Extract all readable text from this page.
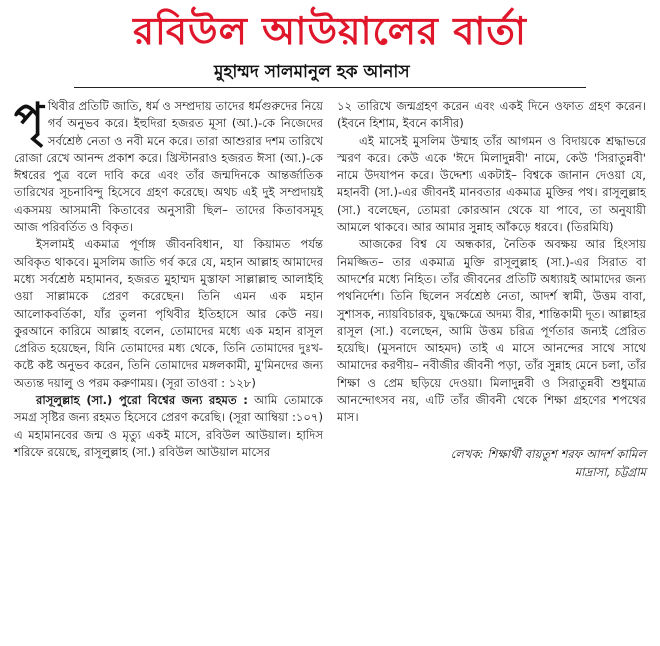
রবিউল আউয়ালের বার্তা
মুহাম্মদ সালমানুল হক আনাস

পৃথিবীর প্রতিটি জাতি, ধর্ম ও সম্প্রদায় তাদের ধর্মগুরুদের নিয়ে গর্ব অনুভব করে। ইহুদিরা হজরত মূসা (আ.)-কে নিজেদের সর্বশ্রেষ্ঠ নেতা ও নবী মনে করে। তারা আশুরার দশম তারিখে রোজা রেখে আনন্দ প্রকাশ করে। খ্রিস্টানরাও হজরত ঈসা (আ.)-কে ঈশ্বরের পুত্র বলে দাবি করে এবং তাঁর জন্মদিনকে আন্তর্জাতিক তারিখের সূচনাবিন্দু হিসেবে গ্রহণ করেছে। অথচ এই দুই সম্প্রদায়ই একসময় আসমানী কিতাবের অনুসারী ছিল– তাদের কিতাবসমূহ আজ পরিবর্তিত ও বিকৃত।

ইসলামই একমাত্র পূর্ণাঙ্গ জীবনবিধান, যা কিয়ামত পর্যন্ত অবিকৃত থাকবে। মুসলিম জাতি গর্ব করে যে, মহান আল্লাহ আমাদের মধ্যে সর্বশ্রেষ্ঠ মহামানব, হজরত মুহাম্মদ মুস্তাফা সাল্লাল্লাহু আলাইহি ওয়া সাল্লামকে প্রেরণ করেছেন। তিনি এমন এক মহান আলোকবর্তিকা, যাঁর তুলনা পৃথিবীর ইতিহাসে আর কেউ নয়। কুরআনে কারিমে আল্লাহ বলেন, তোমাদের মধ্যে এক মহান রাসূল প্রেরিত হয়েছেন, যিনি তোমাদের মধ্য থেকে, তিনি তোমাদের দুঃখ-কষ্টে কষ্ট অনুভব করেন, তিনি তোমাদের মঙ্গলকামী, মু'মিনদের জন্য অত্যন্ত দয়ালু ও পরম করুণাময়। (সূরা তাওবা : ১২৮)

রাসূলুল্লাহ (সা.) পুরো বিশ্বের জন্য রহমত : আমি তোমাকে সমগ্র সৃষ্টির জন্য রহমত হিসেবে প্রেরণ করেছি। (সূরা আম্বিয়া :১০৭) এ মহামানবের জন্ম ও মৃত্যু একই মাসে, রবিউল আউয়াল। হাদিস শরিফে রয়েছে, রাসূলুল্লাহ (সা.) রবিউল আউয়াল মাসের

১২ তারিখে জন্মগ্রহণ করেন এবং একই দিনে ওফাত গ্রহণ করেন। (ইবনে হিশাম, ইবনে কাসীর)

এই মাসেই মুসলিম উম্মাহ তাঁর আগমন ও বিদায়কে শ্রদ্ধাভরে স্মরণ করে। কেউ একে 'ঈদে মিলাদুন্নবী' নামে, কেউ 'সিরাতুন্নবী' নামে উদযাপন করে। উদ্দেশ্য একটাই– বিশ্বকে জানান দেওয়া যে, মহানবী (সা.)-এর জীবনই মানবতার একমাত্র মুক্তির পথ। রাসূলুল্লাহ (সা.) বলেছেন, তোমরা কোরআন থেকে যা পাবে, তা অনুযায়ী আমলে থাকবে। আর আমার সুন্নাহ আঁকড়ে ধরবে। (তিরমিযি)

আজকের বিশ্ব যে অন্ধকার, নৈতিক অবক্ষয় আর হিংসায় নিমজ্জিত– তার একমাত্র মুক্তি রাসূলুল্লাহ (সা.)-এর সিরাত বা আদর্শের মধ্যে নিহিত। তাঁর জীবনের প্রতিটি অধ্যায়ই আমাদের জন্য পথনির্দেশ। তিনি ছিলেন সর্বশ্রেষ্ঠ নেতা, আদর্শ স্বামী, উত্তম বাবা, সুশাসক, ন্যায়বিচারক, যুদ্ধক্ষেত্রে অদম্য বীর, শান্তিকামী দূত। আল্লাহর রাসূল (সা.) বলেছেন, আমি উত্তম চরিত্র পূর্ণতার জন্যই প্রেরিত হয়েছি। (মুসনাদে আহমদ) তাই এ মাসে আনন্দের সাথে সাথে আমাদের করণীয়– নবীজীর জীবনী পড়া, তাঁর সুন্নাহ মেনে চলা, তাঁর শিক্ষা ও প্রেম ছড়িয়ে দেওয়া। মিলাদুন্নবী ও সিরাতুন্নবী শুধুমাত্র আনন্দোৎসব নয়, এটি তাঁর জীবনী থেকে শিক্ষা গ্রহণের শপথের মাস।

লেখক: শিক্ষার্থী বায়তুশ শরফ আদর্শ কামিল
মাদ্রাসা, চট্টগ্রাম
